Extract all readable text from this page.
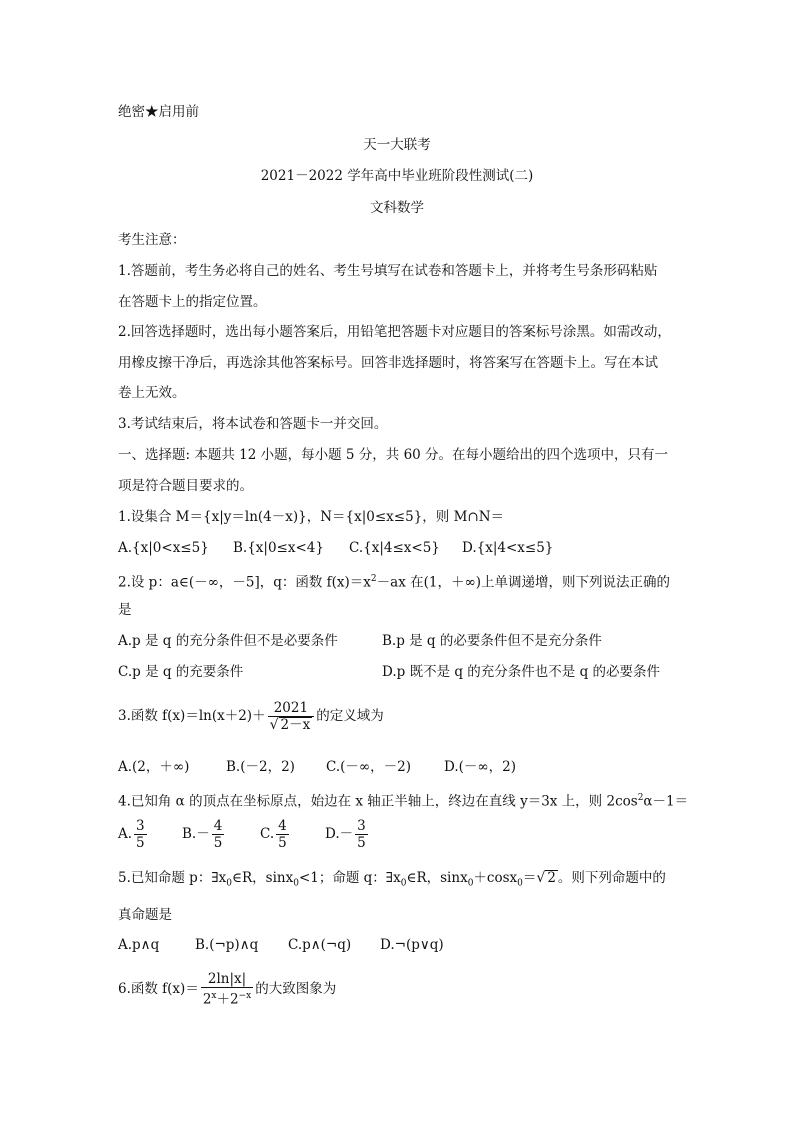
绝密★启用前
天一大联考
2021－2022 学年高中毕业班阶段性测试(二)
文科数学
考生注意：
1.答题前，考生务必将自己的姓名、考生号填写在试卷和答题卡上，并将考生号条形码粘贴
在答题卡上的指定位置。
2.回答选择题时，选出每小题答案后，用铅笔把答题卡对应题目的答案标号涂黑。如需改动，
用橡皮擦干净后，再选涂其他答案标号。回答非选择题时，将答案写在答题卡上。写在本试
卷上无效。
3.考试结束后，将本试卷和答题卡一并交回。
一、选择题: 本题共 12 小题，每小题 5 分，共 60 分。在每小题给出的四个选项中，只有一
项是符合题目要求的。
1.设集合 M＝{x|y＝ln(4－x)}，N＝{x|0≤x≤5}，则 M∩N＝
A.{x|0<x≤5} B.{x|0≤x<4} C.{x|4≤x<5} D.{x|4<x≤5}
2.设 p：a∈(－∞，－5]，q：函数 $f(x)=x^2-ax$ 在(1，＋∞)上单调递增，则下列说法正确的
是
A.p 是 q 的充分条件但不是必要条件	B.p 是 q 的必要条件但不是充分条件
C.p 是 q 的充要条件	D.p 既不是 q 的充分条件也不是 q 的必要条件
3.函数 $f(x)=\ln(x+2)+ \frac{2021}{√ 2-x}$ 的定义域为
A.(2，＋∞)	B.(－2，2) C.(－∞，－2) D.(－∞，2)
4.已知角 α 的顶点在坐标原点，始边在 x 轴正半轴上，终边在直线 y＝3x 上，则 $2\cos^2\alpha-1=$
A. $\frac{3}{5}$	$B.- \frac{4}{5}$	C. $\frac{4}{5}$	$D.- \frac{3}{5}$
5.已知命题 p：$\exists x_0\in R$，sinx$_0$<1；命题 q：$\exists x_0\in R$，sinx$_0$＋cosx$_0$＝√ 2 。则下列命题中的
真命题是
A.p∧q	B.(¬p)∧q C.p∧(¬q) D.¬(p∨q)
6.函数 $f(x)= \frac{2\ln|x|}{2^x+2^{-x}}$ 的大致图象为
